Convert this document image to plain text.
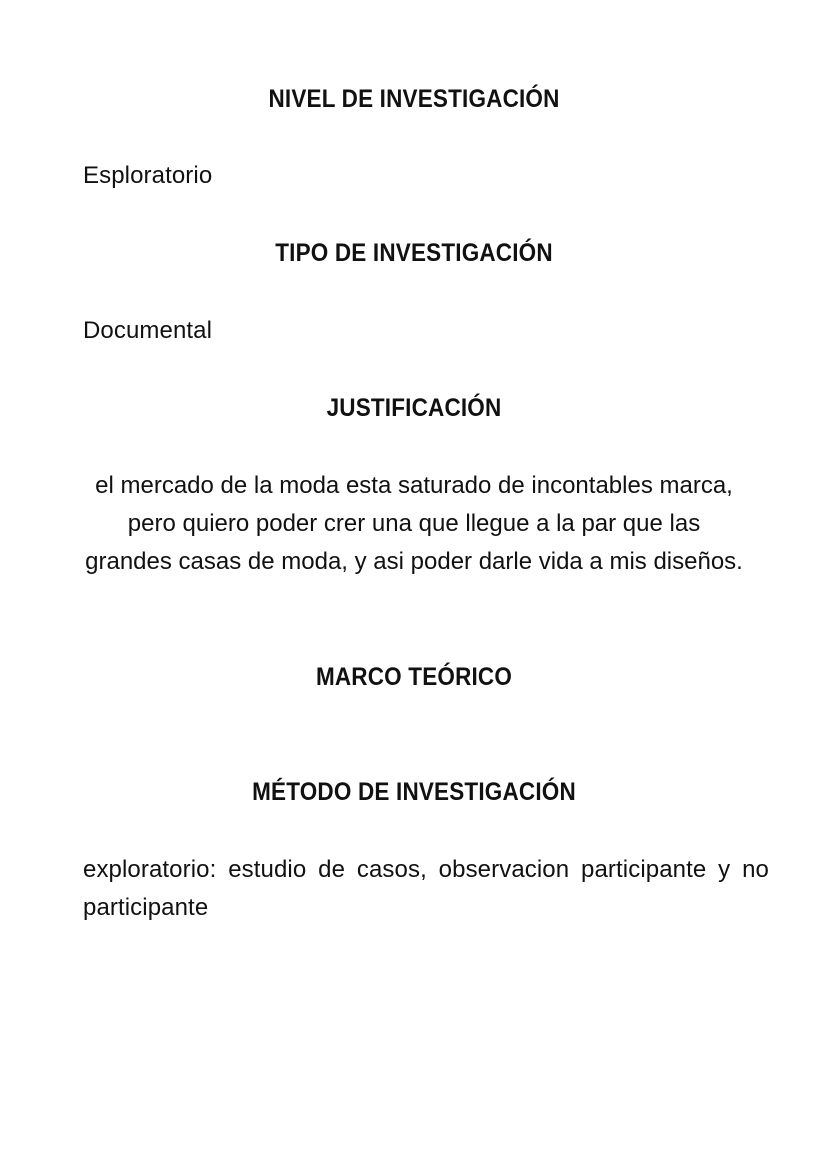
NIVEL DE INVESTIGACIÓN
Esploratorio
TIPO DE INVESTIGACIÓN
Documental
JUSTIFICACIÓN
el mercado de la moda esta saturado de incontables marca,
pero quiero poder crer una que llegue a la par que las
grandes casas de moda, y asi poder darle vida a mis diseños.
MARCO TEÓRICO
MÉTODO DE INVESTIGACIÓN
exploratorio: estudio de casos, observacion participante y no participante
